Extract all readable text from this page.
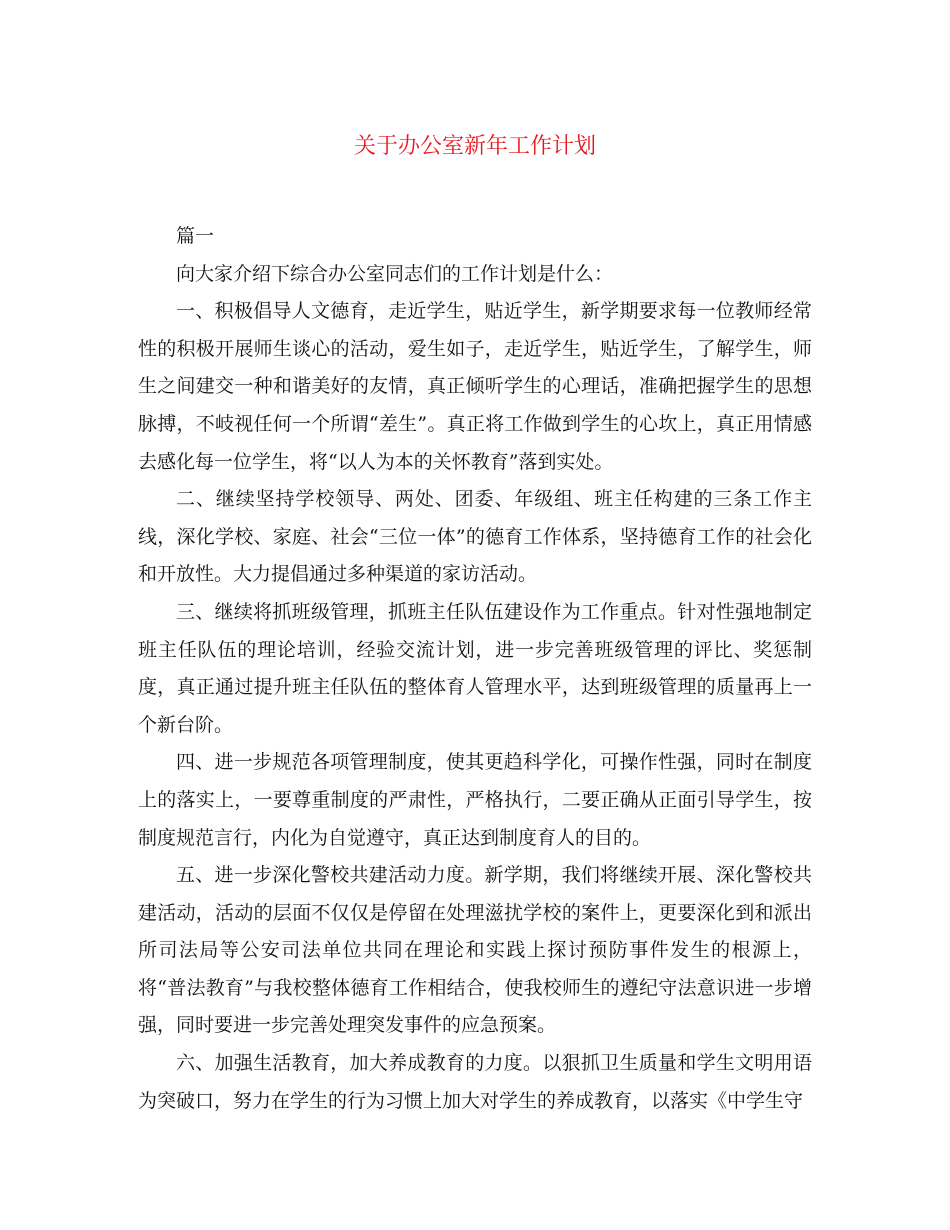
关于办公室新年工作计划

篇一

向大家介绍下综合办公室同志们的工作计划是什么：

一、积极倡导人文德育，走近学生，贴近学生，新学期要求每一位教师经常性的积极开展师生谈心的活动，爱生如子，走近学生，贴近学生，了解学生，师生之间建交一种和谐美好的友情，真正倾听学生的心理话，准确把握学生的思想脉搏，不岐视任何一个所谓“差生”。真正将工作做到学生的心坎上，真正用情感去感化每一位学生，将“以人为本的关怀教育”落到实处。

二、继续坚持学校领导、两处、团委、年级组、班主任构建的三条工作主线，深化学校、家庭、社会“三位一体”的德育工作体系，坚持德育工作的社会化和开放性。大力提倡通过多种渠道的家访活动。

三、继续将抓班级管理，抓班主任队伍建设作为工作重点。针对性强地制定班主任队伍的理论培训，经验交流计划，进一步完善班级管理的评比、奖惩制度，真正通过提升班主任队伍的整体育人管理水平，达到班级管理的质量再上一个新台阶。

四、进一步规范各项管理制度，使其更趋科学化，可操作性强，同时在制度上的落实上，一要尊重制度的严肃性，严格执行，二要正确从正面引导学生，按制度规范言行，内化为自觉遵守，真正达到制度育人的目的。

五、进一步深化警校共建活动力度。新学期，我们将继续开展、深化警校共建活动，活动的层面不仅仅是停留在处理滋扰学校的案件上，更要深化到和派出所司法局等公安司法单位共同在理论和实践上探讨预防事件发生的根源上，将“普法教育”与我校整体德育工作相结合，使我校师生的遵纪守法意识进一步增强，同时要进一步完善处理突发事件的应急预案。

六、加强生活教育，加大养成教育的力度。以狠抓卫生质量和学生文明用语为突破口，努力在学生的行为习惯上加大对学生的养成教育，以落实《中学生守
